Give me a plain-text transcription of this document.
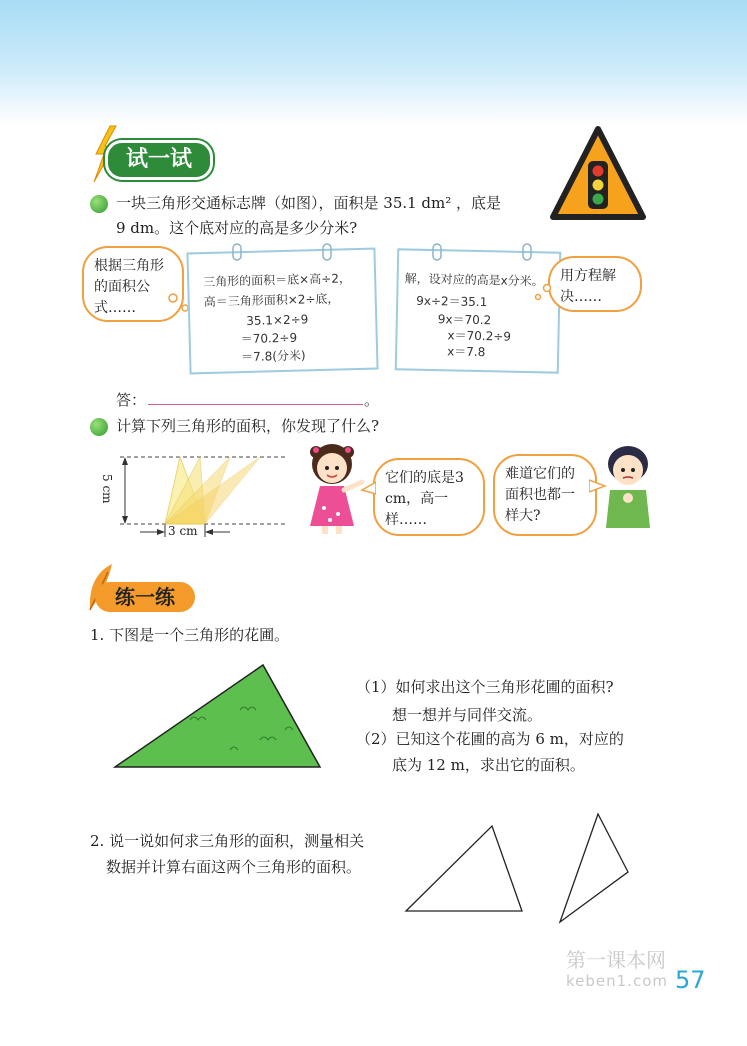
试一试
一块三角形交通标志牌（如图），面积是 35.1 dm² ，底是
9 dm。这个底对应的高是多少分米?
根据三角形的面积公式……
三角形的面积＝底×高÷2，
高＝三角形面积×2÷底，
35.1×2÷9
＝70.2÷9
＝7.8(分米)
解，设对应的高是x分米。
9x÷2＝35.1
9x＝70.2
x＝70.2÷9
x＝7.8
用方程解决……
答：	。
计算下列三角形的面积，你发现了什么?
5 cm
3 cm
它们的底是3 cm，高一样……
难道它们的面积也都一样大?
练一练
1. 下图是一个三角形的花圃。
（1）如何求出这个三角形花圃的面积?
想一想并与同伴交流。
（2）已知这个花圃的高为 6 m，对应的
底为 12 m，求出它的面积。
2. 说一说如何求三角形的面积，测量相关
数据并计算右面这两个三角形的面积。
第一课本网
keben1.com 57
